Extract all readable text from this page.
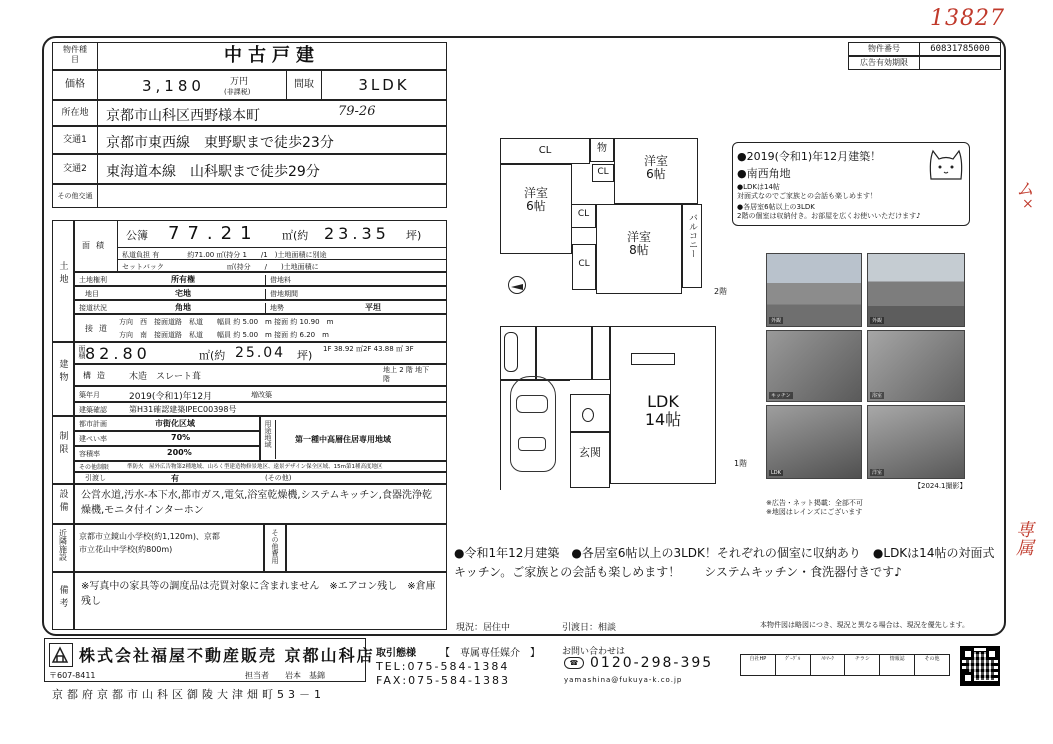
13827
ム
×
専属
物件種目	中古戸建
価格	3,180	万円
(非課税)
間取	3LDK
所在地	京都市山科区西野様本町	79-26
交通1	京都市東西線　東野駅まで徒歩23分
交通2	東海道本線　山科駅まで徒歩29分
その他交通
土地
面積
公簿 77.21 ㎡(約 23.35 坪)
私道負担 有　　　　約71.00 ㎡(持分 1　　/1　)土地面積に別途
セットバック　　　　　　　　　㎡(持分　　/　　)土地面積に
土地権利	所有権	借地料
地目	宅地	借地期間
接道状況	角地	地勢	平坦
接道
方向　西　接面道路　私道　　幅員 約 5.00　m 接面 約 10.90　m
方向　南　接面道路　私道　　幅員 約 5.00　m 接面 約 6.20　m
建物
面積 82.80	㎡(約 25.04 坪) 1F 38.92 ㎡2F 43.88 ㎡ 3F
構造 木造　スレート葺
地上 2 階 地下　 階
築年月	2019(令和1)年12月	増改築
建築確認	第H31確認建築IPEC00398号
制限
都市計画	市街化区域
建ぺい率	70%
容積率	200%
用途地域	第一種中高層住居専用地域
その他制限	準防火　屋外広告物第2種地域、山ろく型建造物修景地区、遠景デザイン保全区域、15m第1種高度地区
引渡し	有	(その他)
設備	公営水道,汚水-本下水,都市ガス,電気,浴室乾燥機,システムキッチン,食器洗浄乾燥機,モニタ付インターホン
近隣施設	京都市立鏡山小学校(約1,120m)、京都
市立花山中学校(約800m)	その他費用
備考	※写真中の家具等の調度品は売買対象に含まれません　※エアコン残し　※倉庫残し
物件番号	60831785000
広告有効期限
CL
洋室
6帖
物
CL
洋室
6帖
CL
CL
洋室
8帖	バルコニー
2階
LDK
14帖
玄関
1階
●2019(令和1)年12月建築！
●南西角地
●LDKは14帖
対面式なのでご家族との会話も楽しめます！
●各居室6帖以上の3LDK
2階の個室は収納付き。お部屋を広くお使いいただけます♪
外観	外観
キッチン	浴室
LDK	洋室
【2024.1撮影】
※広告・ネット掲載：全部不可
※地図はレインズにございます
●令和1年12月建築　●各居室6帖以上の3LDK！それぞれの個室に収納あり　●LDKは14帖の対面式キッチン。ご家族との会話も楽しめます！　　システムキッチン・食洗器付きです♪
現況：居住中	引渡日：相談	本物件図は略図につき、現況と異なる場合は、現況を優先します。
株式会社福屋不動産販売 京都山科店
〒607-8411	担当者 岩本　基錦
京都府京都市山科区御陵大津畑町53－1
取引態様 【　専属専任媒介　】
TEL:075-584-1384
FAX:075-584-1383
お問い合わせは
☎ 0120-298-395
yamashina@fukuya-k.co.jp
自社HP	ｸﾞｰｸﾞﾙ	ﾊﾄﾏｰｸ	チラシ	情報誌	その他
